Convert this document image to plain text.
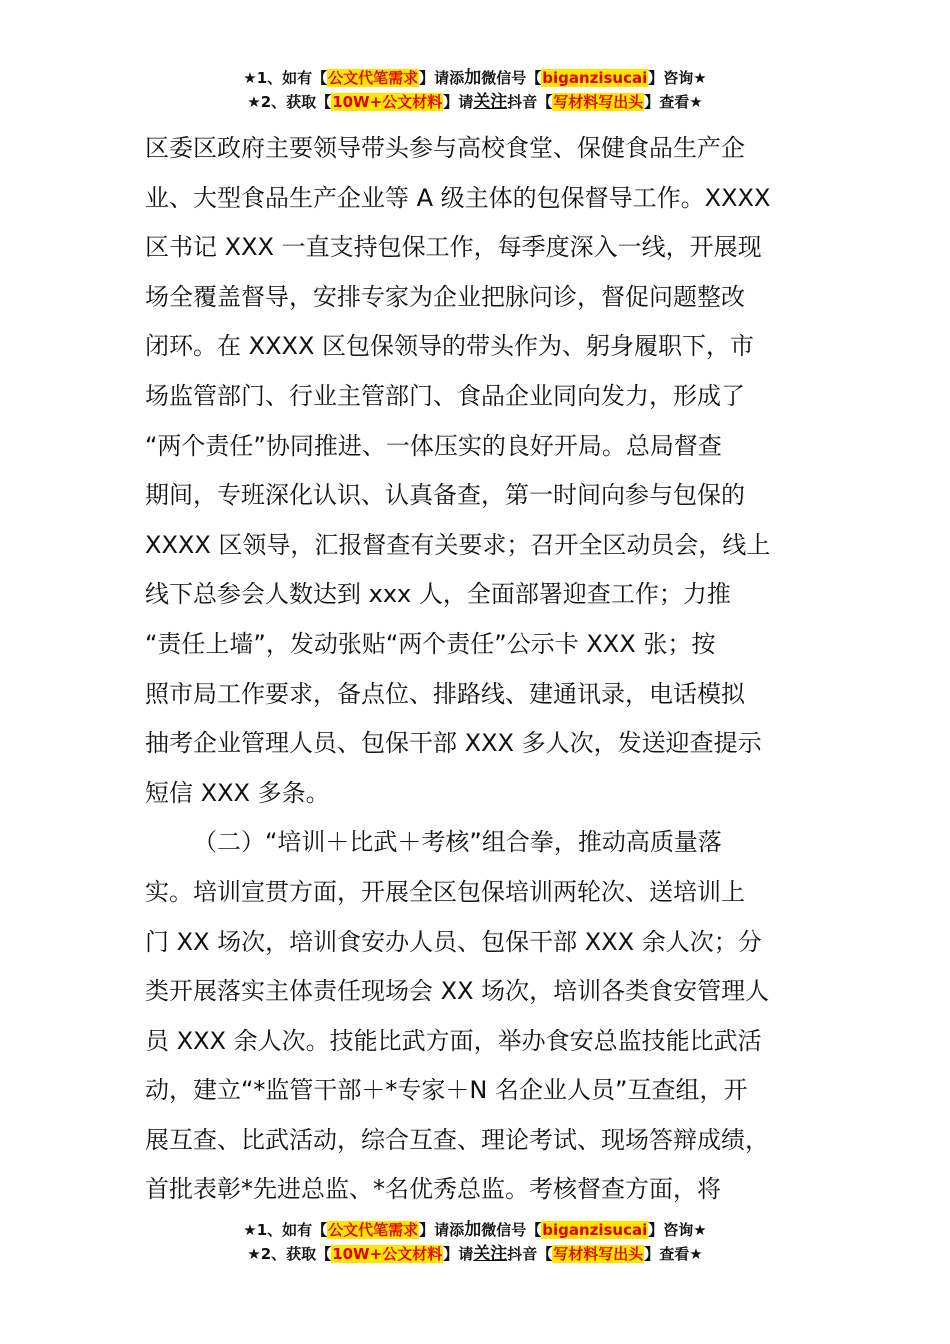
★1、如有【公文代笔需求】请添加微信号【biganzisucai】咨询★
★2、获取【10W+公文材料】请关注抖音【写材料写出头】查看★
区委区政府主要领导带头参与高校食堂、保健食品生产企
业、大型食品生产企业等 A 级主体的包保督导工作。XXXX
区书记 XXX 一直支持包保工作，每季度深入一线，开展现
场全覆盖督导，安排专家为企业把脉问诊，督促问题整改
闭环。在 XXXX 区包保领导的带头作为、躬身履职下，市
场监管部门、行业主管部门、食品企业同向发力，形成了
“两个责任”协同推进、一体压实的良好开局。总局督查
期间，专班深化认识、认真备查，第一时间向参与包保的
XXXX 区领导，汇报督查有关要求；召开全区动员会，线上
线下总参会人数达到 xxx 人，全面部署迎查工作；力推
“责任上墙”，发动张贴“两个责任”公示卡 XXX 张；按
照市局工作要求，备点位、排路线、建通讯录，电话模拟
抽考企业管理人员、包保干部 XXX 多人次，发送迎查提示
短信 XXX 多条。
（二）“培训＋比武＋考核”组合拳，推动高质量落
实。培训宣贯方面，开展全区包保培训两轮次、送培训上
门 XX 场次，培训食安办人员、包保干部 XXX 余人次；分
类开展落实主体责任现场会 XX 场次，培训各类食安管理人
员 XXX 余人次。技能比武方面，举办食安总监技能比武活
动，建立“*监管干部＋*专家＋N 名企业人员”互查组，开
展互查、比武活动，综合互查、理论考试、现场答辩成绩，
首批表彰*先进总监、*名优秀总监。考核督查方面，将
★1、如有【公文代笔需求】请添加微信号【biganzisucai】咨询★
★2、获取【10W+公文材料】请关注抖音【写材料写出头】查看★
